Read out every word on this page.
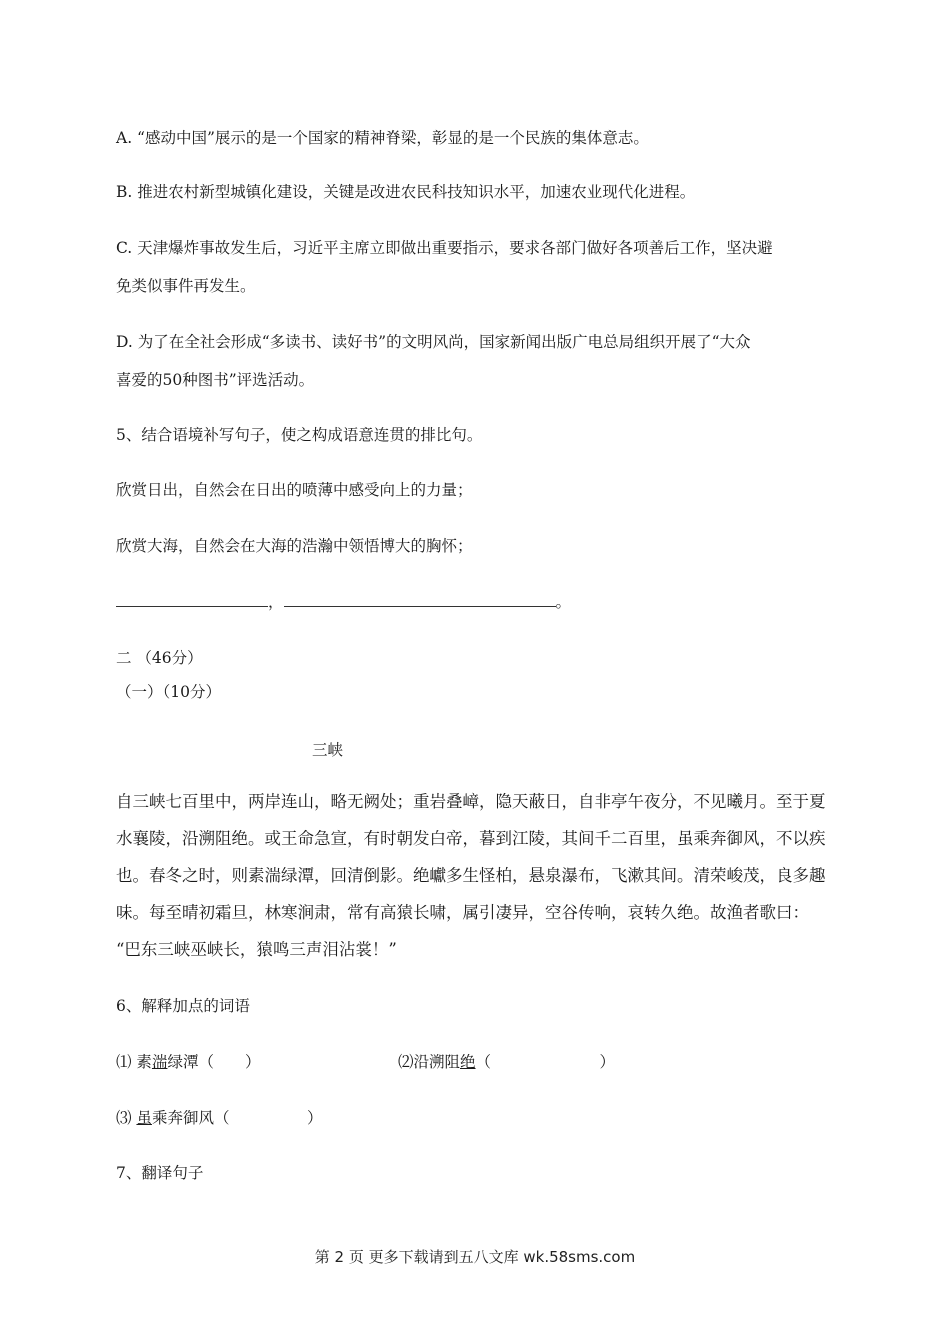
A. “感动中国”展示的是一个国家的精神脊梁，彰显的是一个民族的集体意志。
B. 推进农村新型城镇化建设，关键是改进农民科技知识水平，加速农业现代化进程。
C. 天津爆炸事故发生后，习近平主席立即做出重要指示，要求各部门做好各项善后工作，坚决避
免类似事件再发生。
D. 为了在全社会形成“多读书、读好书”的文明风尚，国家新闻出版广电总局组织开展了“大众
喜爱的50种图书”评选活动。
5、结合语境补写句子，使之构成语意连贯的排比句。
欣赏日出，自然会在日出的喷薄中感受向上的力量；
欣赏大海，自然会在大海的浩瀚中领悟博大的胸怀；
，	。
二 （46分）
（一）（10分）
三峡
自三峡七百里中，两岸连山，略无阙处；重岩叠嶂，隐天蔽日，自非亭午夜分，不见曦月。至于夏
水襄陵，沿溯阻绝。或王命急宣，有时朝发白帝，暮到江陵，其间千二百里，虽乘奔御风，不以疾
也。春冬之时，则素湍绿潭，回清倒影。绝巘多生怪柏，悬泉瀑布，飞漱其间。清荣峻茂，良多趣
味。每至晴初霜旦，林寒涧肃，常有高猿长啸，属引凄异，空谷传响，哀转久绝。故渔者歌曰：
“巴东三峡巫峡长，猿鸣三声泪沾裳！”
6、解释加点的词语
⑴ 素湍绿潭（　　）	⑵沿溯阻绝（　　　　　　　）
⑶ 虽乘奔御风（　　　　　）
7、翻译句子
第 2 页 更多下载请到五八文库 wk.58sms.com
